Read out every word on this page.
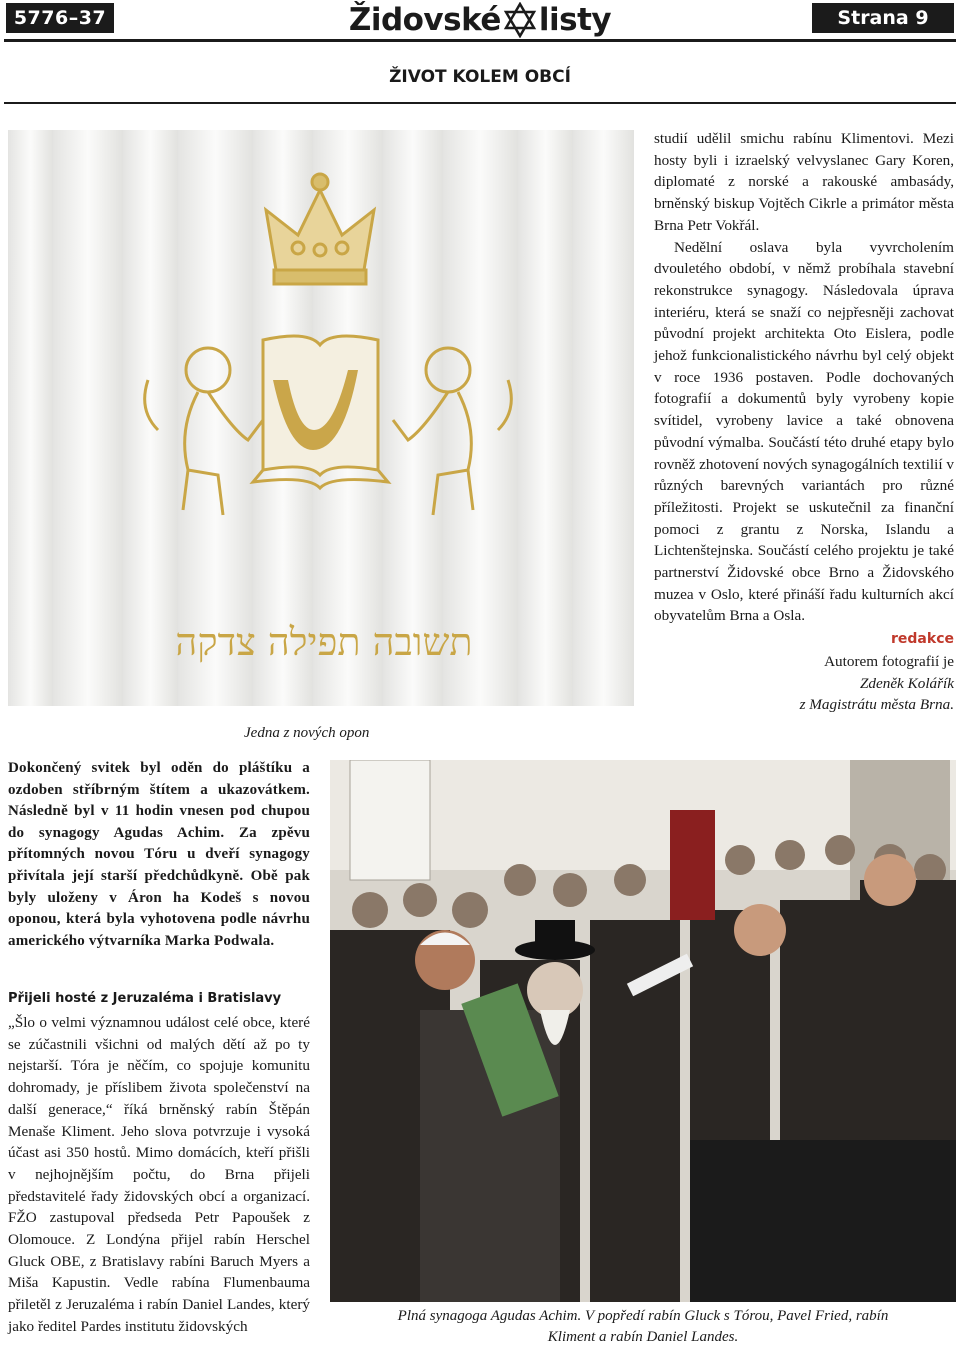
5776–37	Židovské listy	Strana 9
ŽIVOT KOLEM OBCÍ
תשובה תפילה צדקה
Jedna z nových opon

studií udělil smichu rabínu Klimentovi. Mezi hosty byli i izraelský velvyslanec Gary Koren, diplomaté z norské a rakouské ambasády, brněnský biskup Vojtěch Cikrle a primátor města Brna Petr Vokřál.

Nedělní oslava byla vyvrcholením dvouletého období, v němž probíhala stavební rekonstrukce synagogy. Následovala úprava interiéru, která se snaží co nejpřesněji zachovat původní projekt architekta Oto Eislera, podle jehož funkcionalistického návrhu byl celý objekt v roce 1936 postaven. Podle dochovaných fotografií a dokumentů byly vyrobeny kopie svítidel, vyrobeny lavice a také obnovena původní výmalba. Součástí této druhé etapy bylo rovněž zhotovení nových synagogálních textilií v různých barevných variantách pro různé příležitosti. Projekt se uskutečnil za finanční pomoci z grantu z Norska, Islandu a Lichtenštejnska. Součástí celého projektu je také partnerství Židovské obce Brno a Židovského muzea v Oslo, které přináší řadu kulturních akcí obyvatelům Brna a Osla.

redakce
Autorem fotografií je
Zdeněk Kolářík
z Magistrátu města Brna.
Dokončený svitek byl oděn do pláštíku a ozdoben stříbrným štítem a ukazovátkem. Následně byl v 11 hodin vnesen pod chupou do synagogy Agudas Achim. Za zpěvu přítomných novou Tóru u dveří synagogy přivítala její starší předchůdkyně. Obě pak byly uloženy v Áron ha Kodeš s novou oponou, která byla vyhotovena podle návrhu amerického výtvarníka Marka Podwala.
Přijeli hosté z Jeruzaléma i Bratislavy
„Šlo o velmi významnou událost celé obce, které se zúčastnili všichni od malých dětí až po ty nejstarší. Tóra je něčím, co spojuje komunitu dohromady, je příslibem života společenství na další generace,“ říká brněnský rabín Štěpán Menaše Kliment. Jeho slova potvrzuje i vysoká účast asi 350 hostů. Mimo domácích, kteří přišli v nejhojnějším počtu, do Brna přijeli představitelé řady židovských obcí a organizací. FŽO zastupoval předseda Petr Papoušek z Olomouce. Z Londýna přijel rabín Herschel Gluck OBE, z Bratislavy rabíni Baruch Myers a Miša Kapustin. Vedle rabína Flumenbauma přiletěl z Jeruzaléma i rabín Daniel Landes, který jako ředitel Pardes institutu židovských
Plná synagoga Agudas Achim. V popředí rabín Gluck s Tórou, Pavel Fried, rabín
Kliment a rabín Daniel Landes.
